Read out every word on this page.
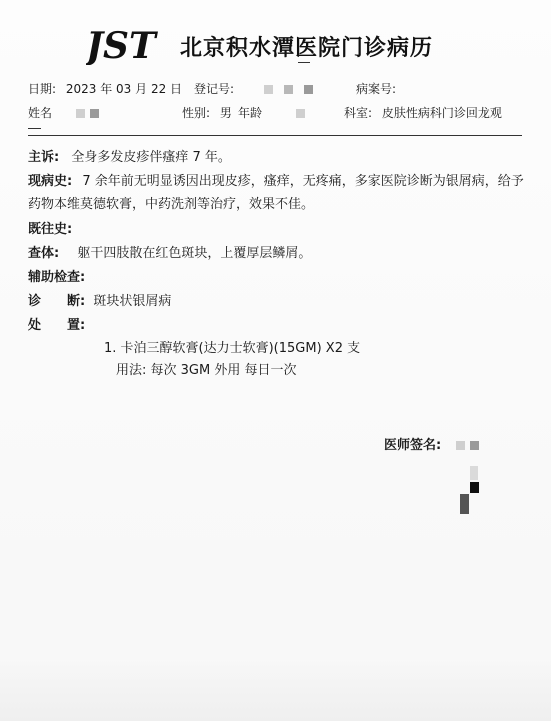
JST 北京积水潭医院门诊病历
日期: 2023 年 03 月 22 日 登记号:	病案号:
姓名	性别: 男 年龄	科室: 皮肤性病科门诊回龙观
主诉: 全身多发皮疹伴瘙痒 7 年。
现病史: 7 余年前无明显诱因出现皮疹，瘙痒，无疼痛，多家医院诊断为银屑病，给予药物本维莫德软膏，中药洗剂等治疗，效果不佳。
既往史:
查体: 躯干四肢散在红色斑块，上覆厚层鳞屑。
辅助检查:
诊　　断: 斑块状银屑病
处　　置:
1. 卡泊三醇软膏(达力士软膏)(15GM) X2 支
用法: 每次 3GM 外用 每日一次
医师签名:
